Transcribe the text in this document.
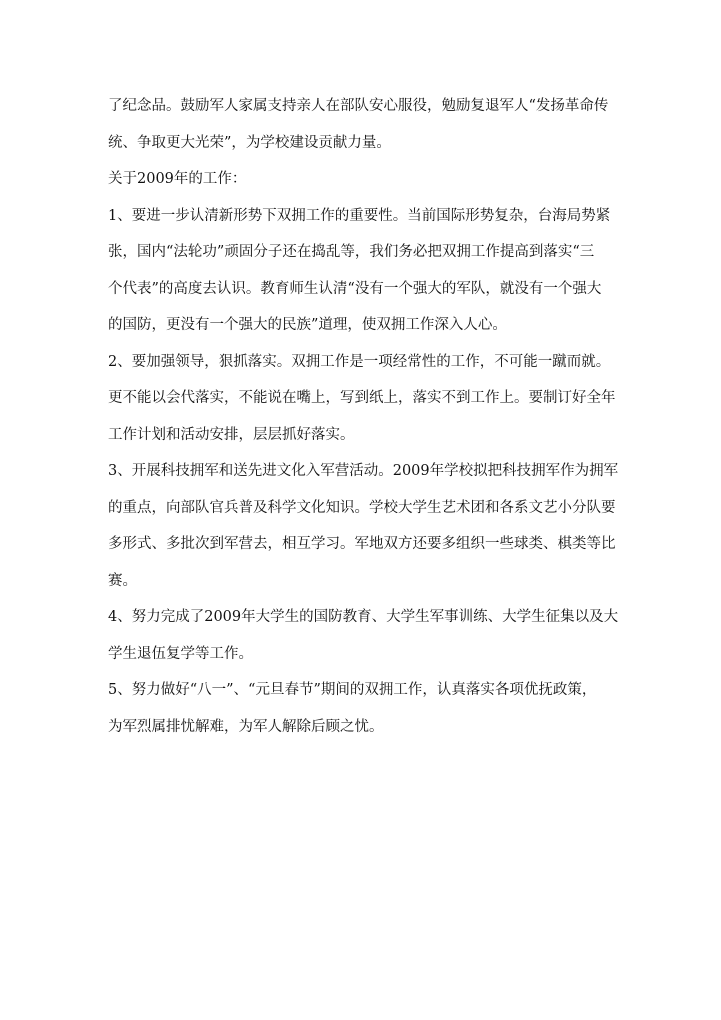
了纪念品。鼓励军人家属支持亲人在部队安心服役，勉励复退军人“发扬革命传
统、争取更大光荣”，为学校建设贡献力量。
关于2009年的工作：
1、要进一步认清新形势下双拥工作的重要性。当前国际形势复杂，台海局势紧
张，国内“法轮功”顽固分子还在捣乱等，我们务必把双拥工作提高到落实“三
个代表”的高度去认识。教育师生认清“没有一个强大的军队，就没有一个强大
的国防，更没有一个强大的民族”道理，使双拥工作深入人心。
2、要加强领导，狠抓落实。双拥工作是一项经常性的工作，不可能一蹴而就。
更不能以会代落实，不能说在嘴上，写到纸上，落实不到工作上。要制订好全年
工作计划和活动安排，层层抓好落实。
3、开展科技拥军和送先进文化入军营活动。2009年学校拟把科技拥军作为拥军
的重点，向部队官兵普及科学文化知识。学校大学生艺术团和各系文艺小分队要
多形式、多批次到军营去，相互学习。军地双方还要多组织一些球类、棋类等比
赛。
4、努力完成了2009年大学生的国防教育、大学生军事训练、大学生征集以及大
学生退伍复学等工作。
5、努力做好“八一”、“元旦春节”期间的双拥工作，认真落实各项优抚政策，
为军烈属排忧解难，为军人解除后顾之忧。
